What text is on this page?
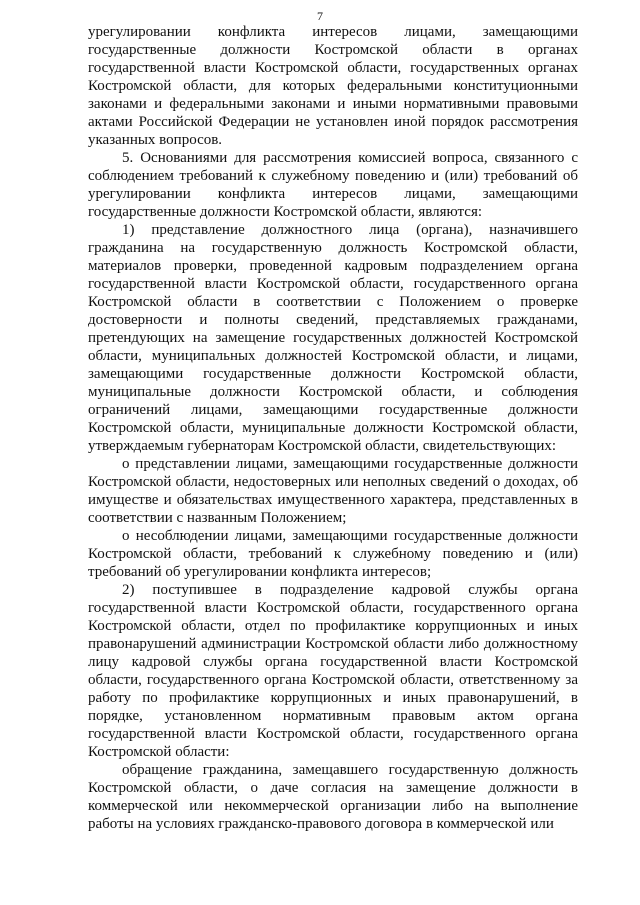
7

урегулировании конфликта интересов лицами, замещающими государственные должности Костромской области в органах государственной власти Костромской области, государственных органах Костромской области, для которых федеральными конституционными законами и федеральными законами и иными нормативными правовыми актами Российской Федерации не установлен иной порядок рассмотрения указанных вопросов.

5. Основаниями для рассмотрения комиссией вопроса, связанного с соблюдением требований к служебному поведению и (или) требований об урегулировании конфликта интересов лицами, замещающими государственные должности Костромской области, являются:

1) представление должностного лица (органа), назначившего гражданина на государственную должность Костромской области, материалов проверки, проведенной кадровым подразделением органа государственной власти Костромской области, государственного органа Костромской области в соответствии с Положением о проверке достоверности и полноты сведений, представляемых гражданами, претендующих на замещение государственных должностей Костромской области, муниципальных должностей Костромской области, и лицами, замещающими государственные должности Костромской области, муниципальные должности Костромской области, и соблюдения ограничений лицами, замещающими государственные должности Костромской области, муниципальные должности Костромской области, утверждаемым губернаторам Костромской области, свидетельствующих:

о представлении лицами, замещающими государственные должности Костромской области, недостоверных или неполных сведений о доходах, об имуществе и обязательствах имущественного характера, представленных в соответствии с названным Положением;

о несоблюдении лицами, замещающими государственные должности Костромской области, требований к служебному поведению и (или) требований об урегулировании конфликта интересов;

2) поступившее в подразделение кадровой службы органа государственной власти Костромской области, государственного органа Костромской области, отдел по профилактике коррупционных и иных правонарушений администрации Костромской области либо должностному лицу кадровой службы органа государственной власти Костромской области, государственного органа Костромской области, ответственному за работу по профилактике коррупционных и иных правонарушений, в порядке, установленном нормативным правовым актом органа государственной власти Костромской области, государственного органа Костромской области:

обращение гражданина, замещавшего государственную должность Костромской области, о даче согласия на замещение должности в коммерческой или некоммерческой организации либо на выполнение работы на условиях гражданско-правового договора в коммерческой или
